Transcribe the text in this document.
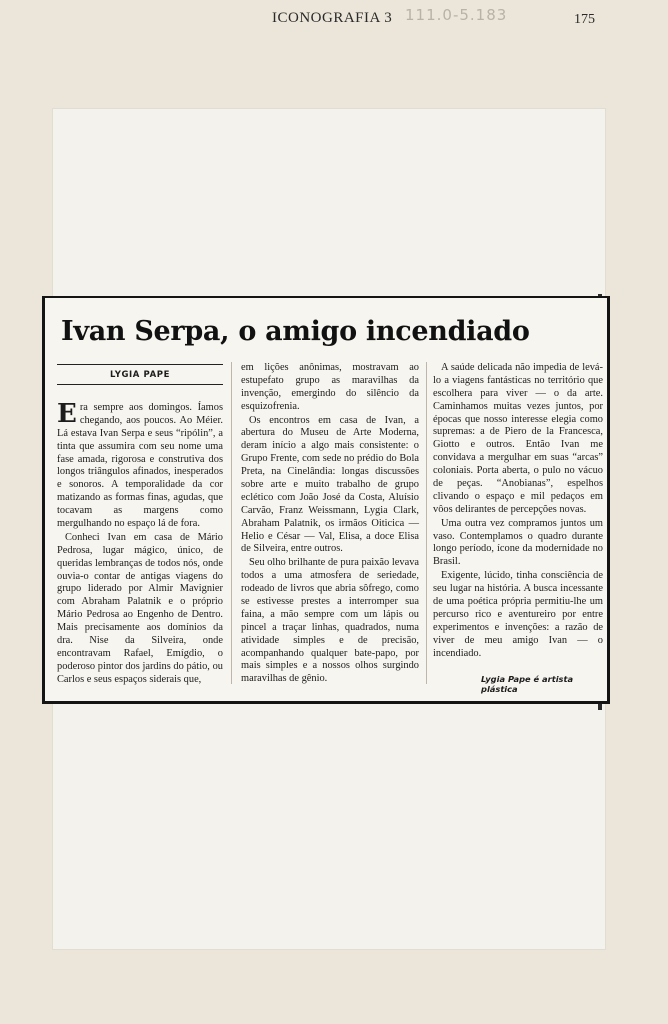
ICONOGRAFIA 3 111.0-5.183	175
Ivan Serpa, o amigo incendiado
LYGIA PAPE

Era sempre aos domingos. Íamos chegando, aos poucos. Ao Méier. Lá estava Ivan Serpa e seus “ripólin”, a tinta que assumira com seu nome uma fase amada, rigorosa e construtiva dos longos triângulos afinados, inesperados e sonoros. A temporalidade da cor matizando as formas finas, agudas, que tocavam as margens como mergulhando no espaço lá de fora.

Conheci Ivan em casa de Mário Pedrosa, lugar mágico, único, de queridas lembranças de todos nós, onde ouvia-o contar de antigas viagens do grupo liderado por Almir Mavignier com Abraham Palatnik e o próprio Mário Pedrosa ao Engenho de Dentro. Mais precisamente aos domínios da dra. Nise da Silveira, onde encontravam Rafael, Emígdio, o poderoso pintor dos jardins do pátio, ou Carlos e seus espaços siderais que,

em lições anônimas, mostravam ao estupefato grupo as maravilhas da invenção, emergindo do silêncio da esquizofrenia.

Os encontros em casa de Ivan, a abertura do Museu de Arte Moderna, deram início a algo mais consistente: o Grupo Frente, com sede no prédio do Bola Preta, na Cinelândia: longas discussões sobre arte e muito trabalho de grupo eclético com João José da Costa, Aluísio Carvão, Franz Weissmann, Lygia Clark, Abraham Palatnik, os irmãos Oiticica — Helio e César — Val, Elisa, a doce Elisa de Silveira, entre outros.

Seu olho brilhante de pura paixão levava todos a uma atmosfera de seriedade, rodeado de livros que abria sôfrego, como se estivesse prestes a interromper sua faina, a mão sempre com um lápis ou pincel a traçar linhas, quadrados, numa atividade simples e de precisão, acompanhando qualquer bate-papo, por mais simples e a nossos olhos surgindo maravilhas de gênio.

A saúde delicada não impedia de levá-lo a viagens fantásticas no território que escolhera para viver — o da arte. Caminhamos muitas vezes juntos, por épocas que nosso interesse elegia como supremas: a de Piero de la Francesca, Giotto e outros. Então Ivan me convidava a mergulhar em suas “arcas” coloniais. Porta aberta, o pulo no vácuo de peças. “Anobianas”, espelhos clivando o espaço e mil pedaços em vôos delirantes de percepções novas.

Uma outra vez compramos juntos um vaso. Contemplamos o quadro durante longo período, ícone da modernidade no Brasil.

Exigente, lúcido, tinha consciência de seu lugar na história. A busca incessante de uma poética própria permitiu-lhe um percurso rico e aventureiro por entre experimentos e invenções: a razão de viver de meu amigo Ivan — o incendiado.

Lygia Pape é artista plástica
